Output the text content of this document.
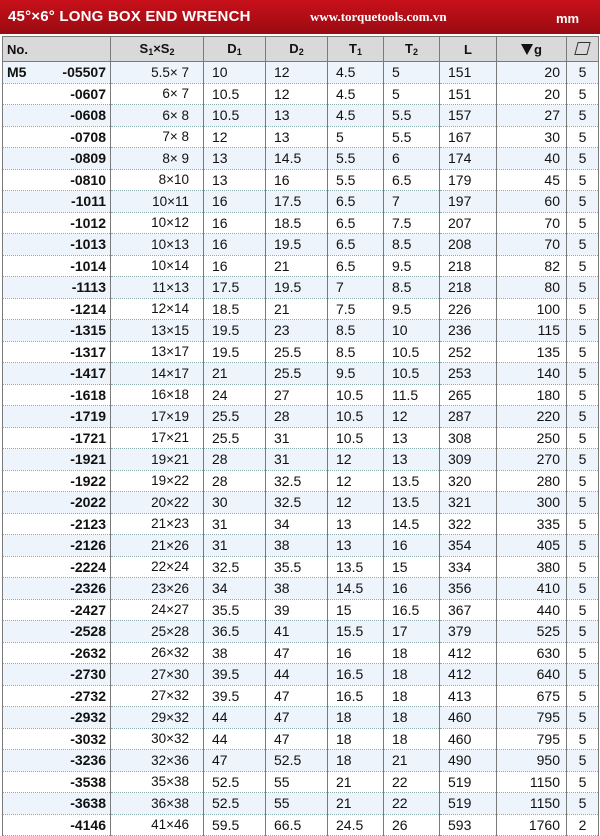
45°×6° LONG BOX END WRENCH	www.torquetools.com.vn	mm
No.	$S_1\times S_2$	$D_1$	$D_2$	$T_1$	$T_2$	L	g	

M5 -05507	5.5× 7	10	12	4.5	5	151	20	5
-0607	6× 7	10.5	12	4.5	5	151	20	5
-0608	6× 8	10.5	13	4.5	5.5	157	27	5
-0708	7× 8	12	13	5	5.5	167	30	5
-0809	8× 9	13	14.5	5.5	6	174	40	5
-0810	8×10	13	16	5.5	6.5	179	45	5
-1011	10×11	16	17.5	6.5	7	197	60	5
-1012	10×12	16	18.5	6.5	7.5	207	70	5
-1013	10×13	16	19.5	6.5	8.5	208	70	5
-1014	10×14	16	21	6.5	9.5	218	82	5
-1113	11×13	17.5	19.5	7	8.5	218	80	5
-1214	12×14	18.5	21	7.5	9.5	226	100	5
-1315	13×15	19.5	23	8.5	10	236	115	5
-1317	13×17	19.5	25.5	8.5	10.5	252	135	5
-1417	14×17	21	25.5	9.5	10.5	253	140	5
-1618	16×18	24	27	10.5	11.5	265	180	5
-1719	17×19	25.5	28	10.5	12	287	220	5
-1721	17×21	25.5	31	10.5	13	308	250	5
-1921	19×21	28	31	12	13	309	270	5
-1922	19×22	28	32.5	12	13.5	320	280	5
-2022	20×22	30	32.5	12	13.5	321	300	5
-2123	21×23	31	34	13	14.5	322	335	5
-2126	21×26	31	38	13	16	354	405	5
-2224	22×24	32.5	35.5	13.5	15	334	380	5
-2326	23×26	34	38	14.5	16	356	410	5
-2427	24×27	35.5	39	15	16.5	367	440	5
-2528	25×28	36.5	41	15.5	17	379	525	5
-2632	26×32	38	47	16	18	412	630	5
-2730	27×30	39.5	44	16.5	18	412	640	5
-2732	27×32	39.5	47	16.5	18	413	675	5
-2932	29×32	44	47	18	18	460	795	5
-3032	30×32	44	47	18	18	460	795	5
-3236	32×36	47	52.5	18	21	490	950	5
-3538	35×38	52.5	55	21	22	519	1150	5
-3638	36×38	52.5	55	21	22	519	1150	5
-4146	41×46	59.5	66.5	24.5	26	593	1760	2
